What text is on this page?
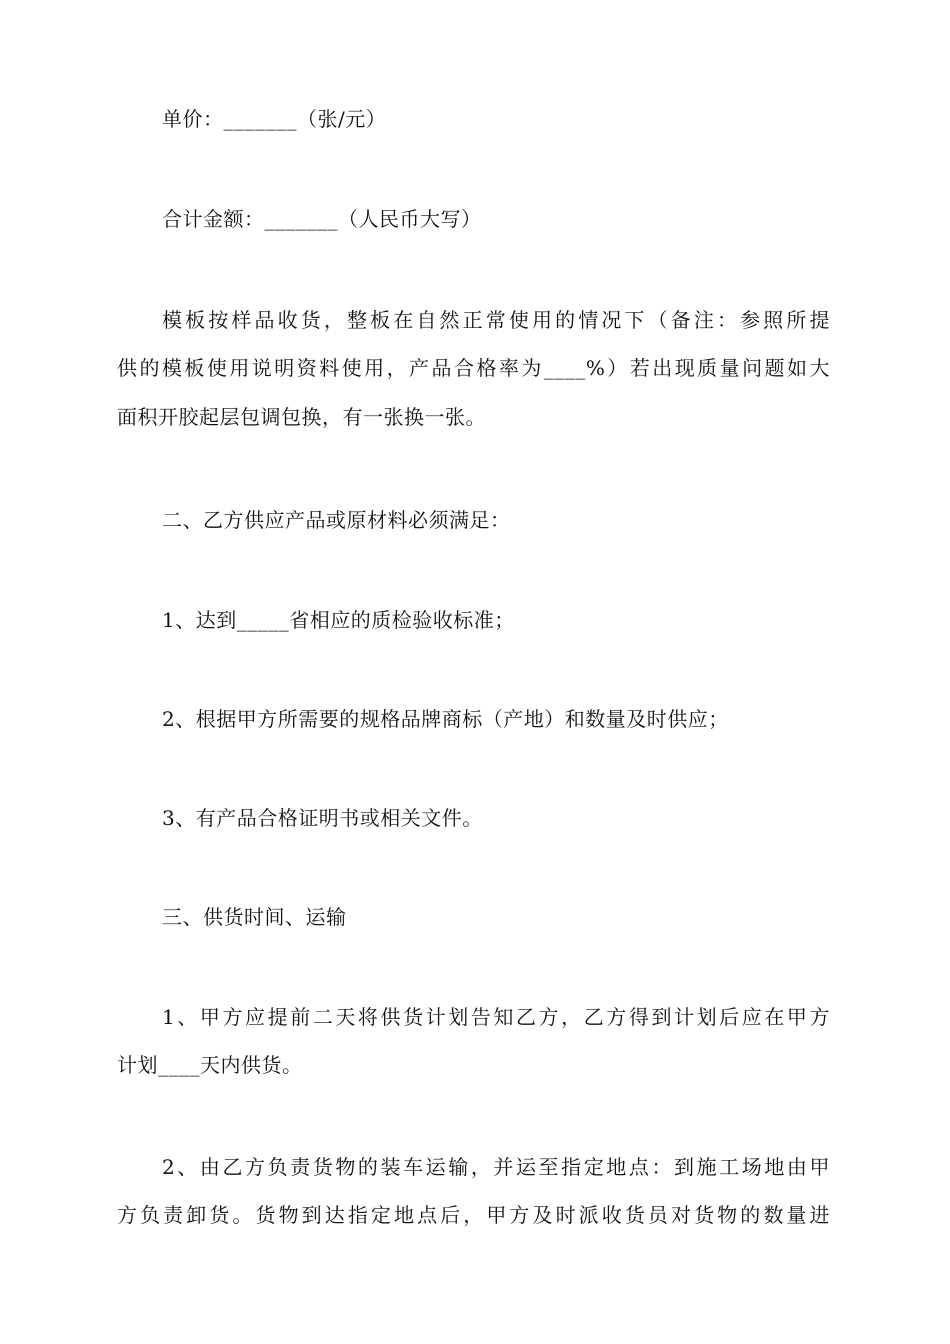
单价：_______（张/元）
合计金额：_______（人民币大写）
模板按样品收货，整板在自然正常使用的情况下（备注：参照所提
供的模板使用说明资料使用，产品合格率为____%）若出现质量问题如大
面积开胶起层包调包换，有一张换一张。
二、乙方供应产品或原材料必须满足：
1、达到_____省相应的质检验收标准；
2、根据甲方所需要的规格品牌商标（产地）和数量及时供应；
3、有产品合格证明书或相关文件。
三、供货时间、运输
1、甲方应提前二天将供货计划告知乙方，乙方得到计划后应在甲方
计划____天内供货。
2、由乙方负责货物的装车运输，并运至指定地点：到施工场地由甲
方负责卸货。货物到达指定地点后，甲方及时派收货员对货物的数量进
